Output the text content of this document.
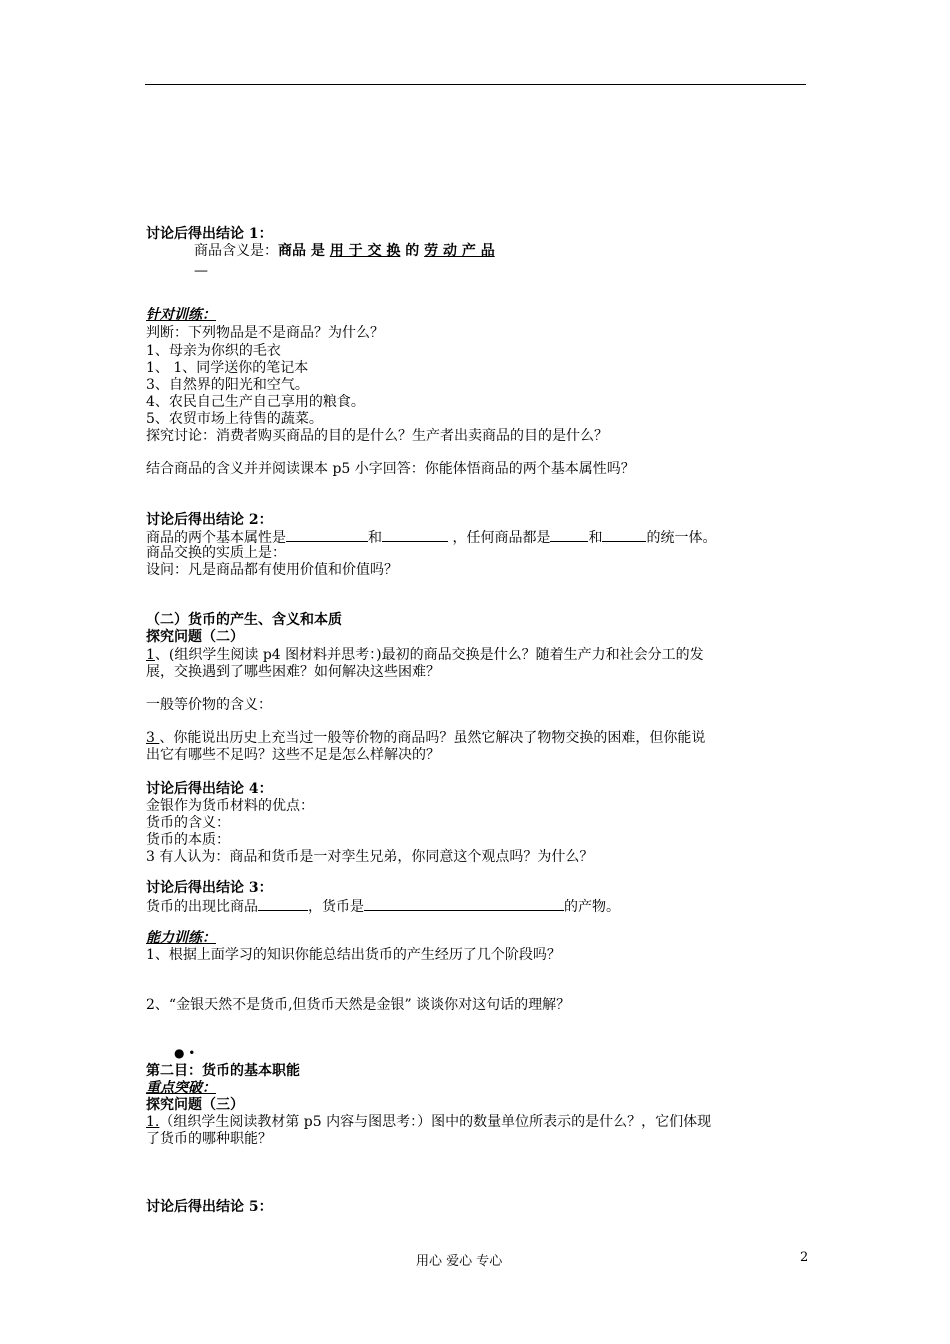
讨论后得出结论 1：
商品含义是：商品 是 用 于 交 换 的 劳 动 产 品
—
针对训练：
判断：下列物品是不是商品？为什么？
1、母亲为你织的毛衣
1、 1、同学送你的笔记本
3、自然界的阳光和空气。
4、农民自己生产自己享用的粮食。
5、农贸市场上待售的蔬菜。
探究讨论：消费者购买商品的目的是什么？生产者出卖商品的目的是什么？
结合商品的含义并并阅读课本 p5 小字回答：你能体悟商品的两个基本属性吗？
讨论后得出结论 2：
商品的两个基本属性是	和	，任何商品都是	和	的统一体。
商品交换的实质上是：
设问：凡是商品都有使用价值和价值吗？
（二）货币的产生、含义和本质
探究问题（二）
1、(组织学生阅读 p4 图材料并思考：)最初的商品交换是什么？随着生产力和社会分工的发
展，交换遇到了哪些困难？如何解决这些困难？
一般等价物的含义：
3 、你能说出历史上充当过一般等价物的商品吗？虽然它解决了物物交换的困难，但你能说
出它有哪些不足吗？这些不足是怎么样解决的？
讨论后得出结论 4：
金银作为货币材料的优点：
货币的含义：
货币的本质：
3 有人认为：商品和货币是一对孪生兄弟，你同意这个观点吗？为什么？
讨论后得出结论 3：
货币的出现比商品	，货币是	的产物。
能力训练：
1、根据上面学习的知识你能总结出货币的产生经历了几个阶段吗？
2、“金银天然不是货币,但货币天然是金银” 谈谈你对这句话的理解？
● •
第二目：货币的基本职能
重点突破：
探究问题（三）
1.（组织学生阅读教材第 p5 内容与图思考：）图中的数量单位所表示的是什么？，它们体现
了货币的哪种职能？
讨论后得出结论 5：
用心 爱心 专心	2
